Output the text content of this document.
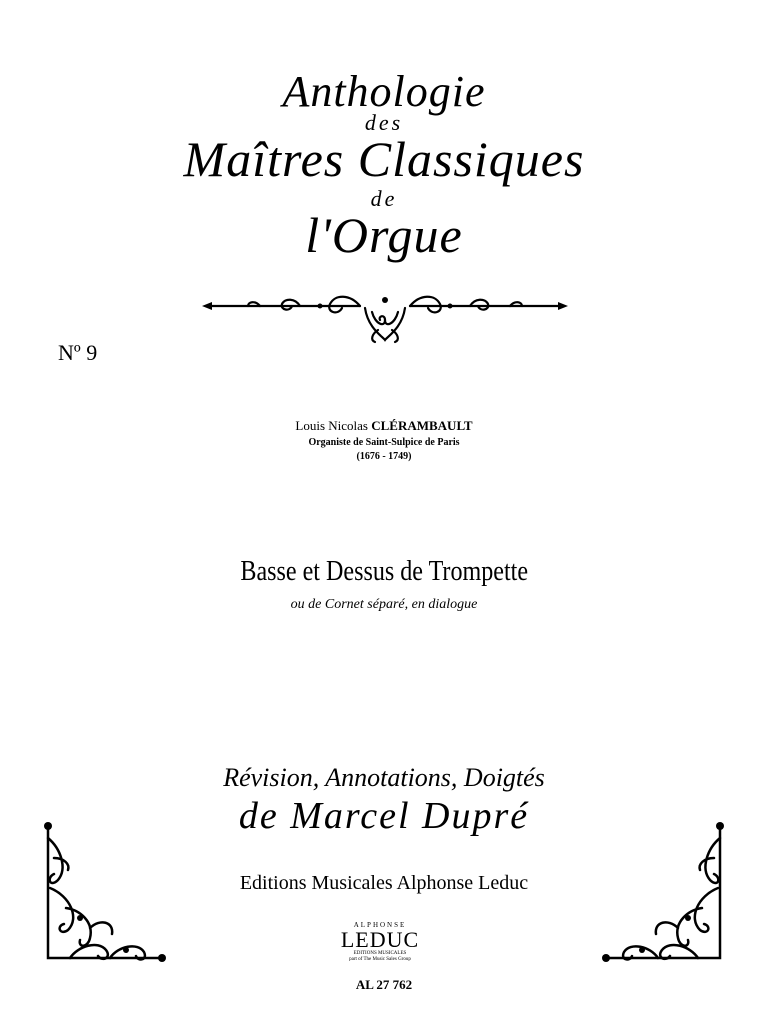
Anthologie
des
Maîtres Classiques
de
l'Orgue
Nº 9
Louis Nicolas CLÉRAMBAULT
Organiste de Saint-Sulpice de Paris
(1676 - 1749)
Basse et Dessus de Trompette
ou de Cornet séparé, en dialogue
Révision, Annotations, Doigtés
de Marcel Dupré
Editions Musicales Alphonse Leduc
ALPHONSE
LEDUC
EDITIONS MUSICALES
part of The Music Sales Group
AL 27 762
